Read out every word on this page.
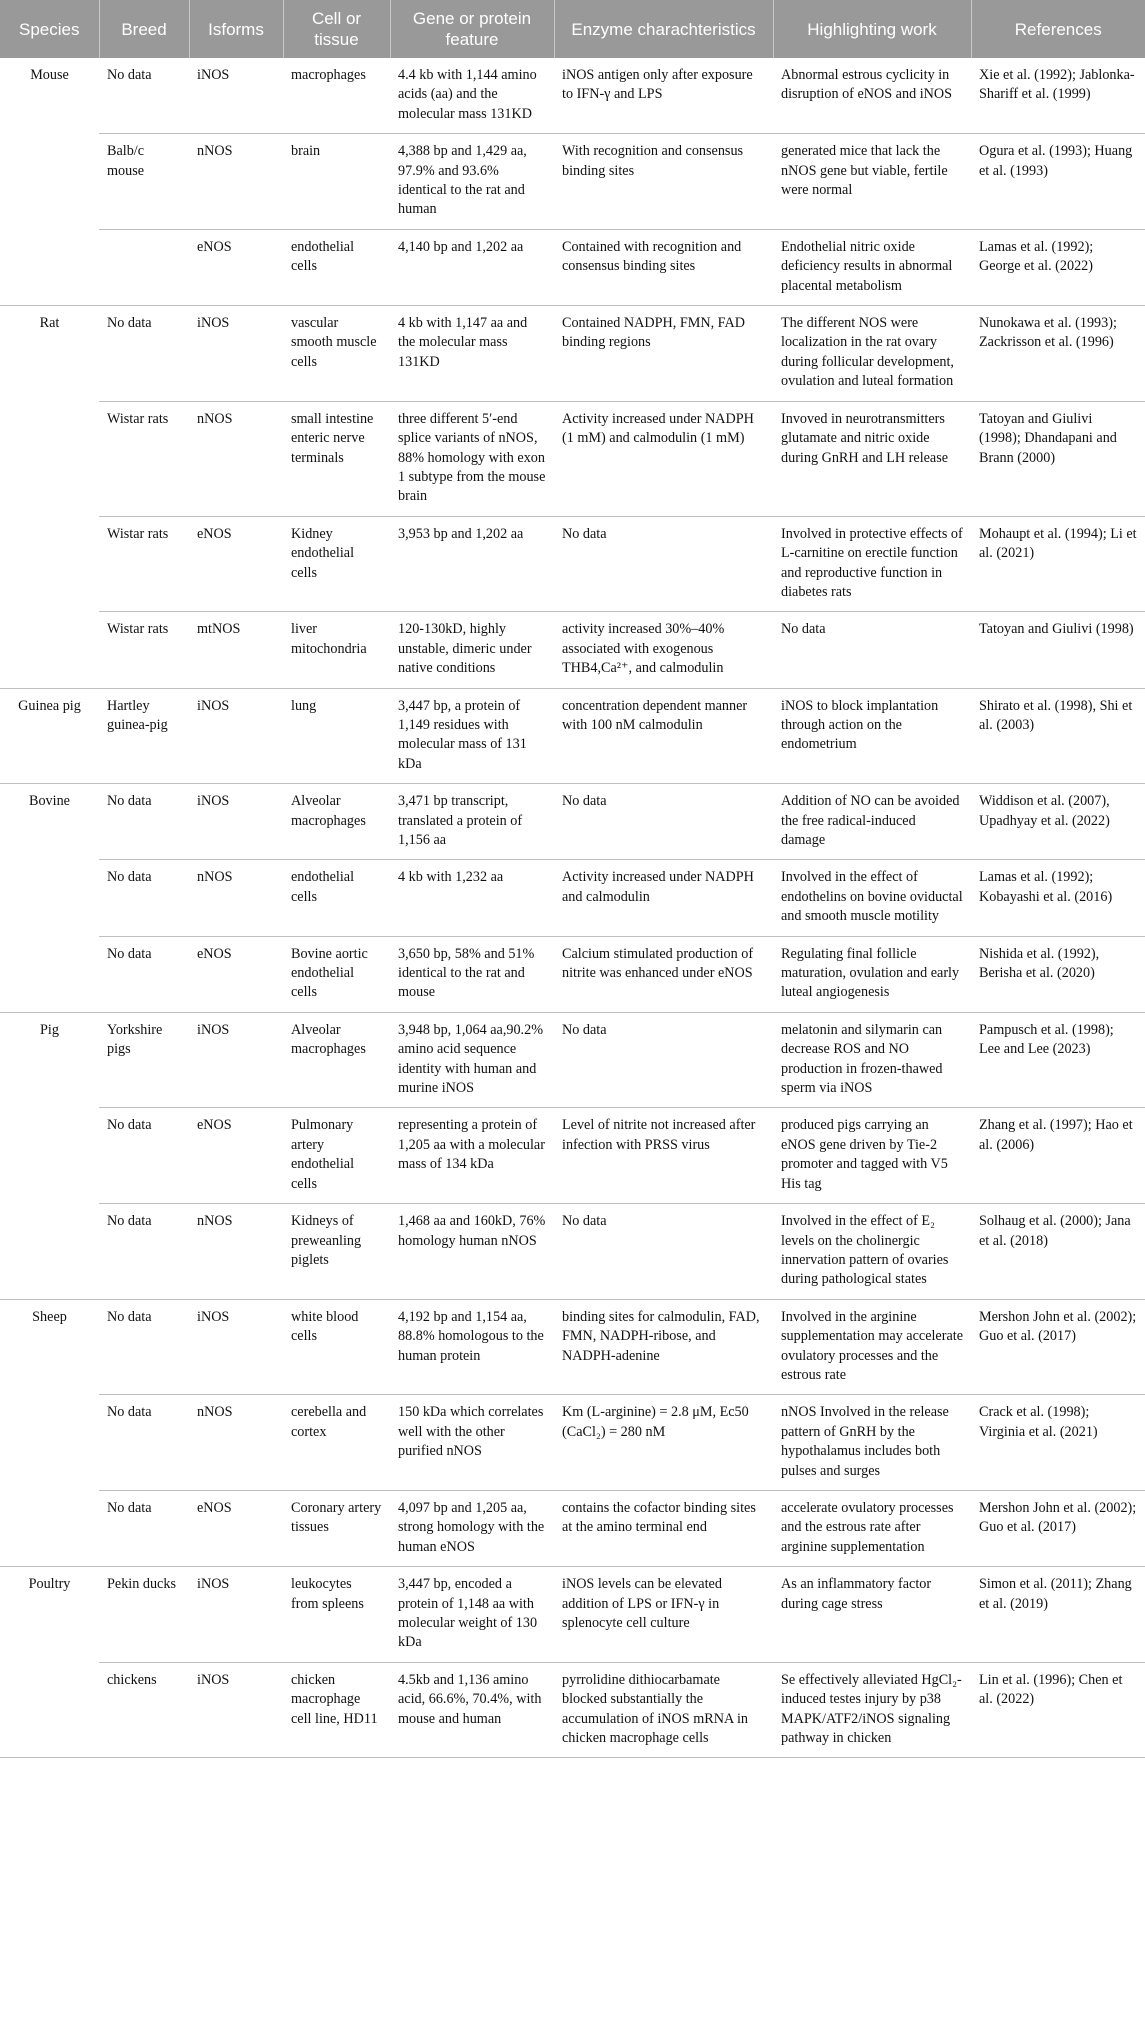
Species	Breed	Isforms	Cell or tissue	Gene or protein feature	Enzyme charachteristics	Highlighting work	References
Mouse	No data	iNOS	macrophages	4.4 kb with 1,144 amino acids (aa) and the molecular mass 131KD	iNOS antigen only after exposure to IFN-γ and LPS	Abnormal estrous cyclicity in disruption of eNOS and iNOS	Xie et al. (1992); Jablonka-Shariff et al. (1999)
	Balb/c mouse	nNOS	brain	4,388 bp and 1,429 aa, 97.9% and 93.6% identical to the rat and human	With recognition and consensus binding sites	generated mice that lack the nNOS gene but viable, fertile were normal	Ogura et al. (1993); Huang et al. (1993)
		eNOS	endothelial cells	4,140 bp and 1,202 aa	Contained with recognition and consensus binding sites	Endothelial nitric oxide deficiency results in abnormal placental metabolism	Lamas et al. (1992); George et al. (2022)
Rat	No data	iNOS	vascular smooth muscle cells	4 kb with 1,147 aa and the molecular mass 131KD	Contained NADPH, FMN, FAD binding regions	The different NOS were localization in the rat ovary during follicular development, ovulation and luteal formation	Nunokawa et al. (1993); Zackrisson et al. (1996)
	Wistar rats	nNOS	small intestine enteric nerve terminals	three different 5′-end splice variants of nNOS, 88% homology with exon 1 subtype from the mouse brain	Activity increased under NADPH (1 mM) and calmodulin (1 mM)	Invoved in neurotransmitters glutamate and nitric oxide during GnRH and LH release	Tatoyan and Giulivi (1998); Dhandapani and Brann (2000)
	Wistar rats	eNOS	Kidney endothelial cells	3,953 bp and 1,202 aa	No data	Involved in protective effects of L-carnitine on erectile function and reproductive function in diabetes rats	Mohaupt et al. (1994); Li et al. (2021)
	Wistar rats	mtNOS	liver mitochondria	120-130kD, highly unstable, dimeric under native conditions	activity increased 30%–40% associated with exogenous THB4,Ca²⁺, and calmodulin	No data	Tatoyan and Giulivi (1998)
Guinea pig	Hartley guinea-pig	iNOS	lung	3,447 bp, a protein of 1,149 residues with molecular mass of 131 kDa	concentration dependent manner with 100 nM calmodulin	iNOS to block implantation through action on the endometrium	Shirato et al. (1998), Shi et al. (2003)
Bovine	No data	iNOS	Alveolar macrophages	3,471 bp transcript, translated a protein of 1,156 aa	No data	Addition of NO can be avoided the free radical-induced damage	Widdison et al. (2007), Upadhyay et al. (2022)
	No data	nNOS	endothelial cells	4 kb with 1,232 aa	Activity increased under NADPH and calmodulin	Involved in the effect of endothelins on bovine oviductal and smooth muscle motility	Lamas et al. (1992); Kobayashi et al. (2016)
	No data	eNOS	Bovine aortic endothelial cells	3,650 bp, 58% and 51% identical to the rat and mouse	Calcium stimulated production of nitrite was enhanced under eNOS	Regulating final follicle maturation, ovulation and early luteal angiogenesis	Nishida et al. (1992), Berisha et al. (2020)
Pig	Yorkshire pigs	iNOS	Alveolar macrophages	3,948 bp, 1,064 aa,90.2% amino acid sequence identity with human and murine iNOS	No data	melatonin and silymarin can decrease ROS and NO production in frozen-thawed sperm via iNOS	Pampusch et al. (1998); Lee and Lee (2023)
	No data	eNOS	Pulmonary artery endothelial cells	representing a protein of 1,205 aa with a molecular mass of 134 kDa	Level of nitrite not increased after infection with PRSS virus	produced pigs carrying an eNOS gene driven by Tie-2 promoter and tagged with V5 His tag	Zhang et al. (1997); Hao et al. (2006)
	No data	nNOS	Kidneys of preweanling piglets	1,468 aa and 160kD, 76% homology human nNOS	No data	Involved in the effect of E₂ levels on the cholinergic innervation pattern of ovaries during pathological states	Solhaug et al. (2000); Jana et al. (2018)
Sheep	No data	iNOS	white blood cells	4,192 bp and 1,154 aa, 88.8% homologous to the human protein	binding sites for calmodulin, FAD, FMN, NADPH-ribose, and NADPH-adenine	Involved in the arginine supplementation may accelerate ovulatory processes and the estrous rate	Mershon John et al. (2002); Guo et al. (2017)
	No data	nNOS	cerebella and cortex	150 kDa which correlates well with the other purified nNOS	Km (L-arginine) = 2.8 μM, Ec50 (CaCl₂) = 280 nM	nNOS Involved in the release pattern of GnRH by the hypothalamus includes both pulses and surges	Crack et al. (1998); Virginia et al. (2021)
	No data	eNOS	Coronary artery tissues	4,097 bp and 1,205 aa, strong homology with the human eNOS	contains the cofactor binding sites at the amino terminal end	accelerate ovulatory processes and the estrous rate after arginine supplementation	Mershon John et al. (2002); Guo et al. (2017)
Poultry	Pekin ducks	iNOS	leukocytes from spleens	3,447 bp, encoded a protein of 1,148 aa with molecular weight of 130 kDa	iNOS levels can be elevated addition of LPS or IFN-γ in splenocyte cell culture	As an inflammatory factor during cage stress	Simon et al. (2011); Zhang et al. (2019)
	chickens	iNOS	chicken macrophage cell line, HD11	4.5kb and 1,136 amino acid, 66.6%, 70.4%, with mouse and human	pyrrolidine dithiocarbamate blocked substantially the accumulation of iNOS mRNA in chicken macrophage cells	Se effectively alleviated HgCl₂-induced testes injury by p38 MAPK/ATF2/iNOS signaling pathway in chicken	Lin et al. (1996); Chen et al. (2022)
